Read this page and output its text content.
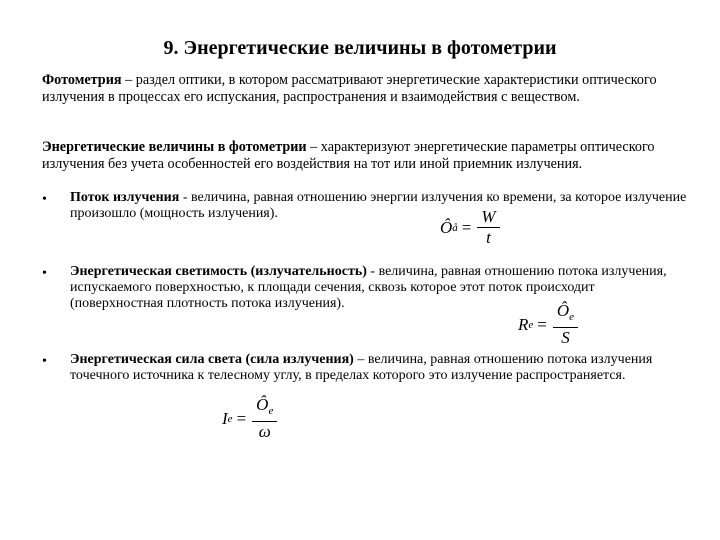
9. Энергетические величины в фотометрии
Фотометрия – раздел оптики, в котором рассматривают энергетические характеристики оптического излучения в процессах его испускания, распространения и взаимодействия с веществом.
Энергетические величины в фотометрии – характеризуют энергетические параметры оптического излучения без учета особенностей его воздействия на тот или иной приемник излучения.
• Поток излучения - величина, равная отношению энергии излучения ко времени, за которое излучение произошло (мощность излучения).
Ô å = $\frac{W}{t}$
• Энергетическая светимость (излучательность) - величина, равная отношению потока излучения, испускаемого поверхностью, к площади сечения, сквозь которое этот поток происходит (поверхностная плотность потока излучения).
R $e = \frac{Ô_e}{S}$
• Энергетическая сила света (сила излучения) – величина, равная отношению потока излучения точечного источника к телесному углу, в пределах которого это излучение распространяется.
I $e = \frac{Ô_e}{\omega}$
